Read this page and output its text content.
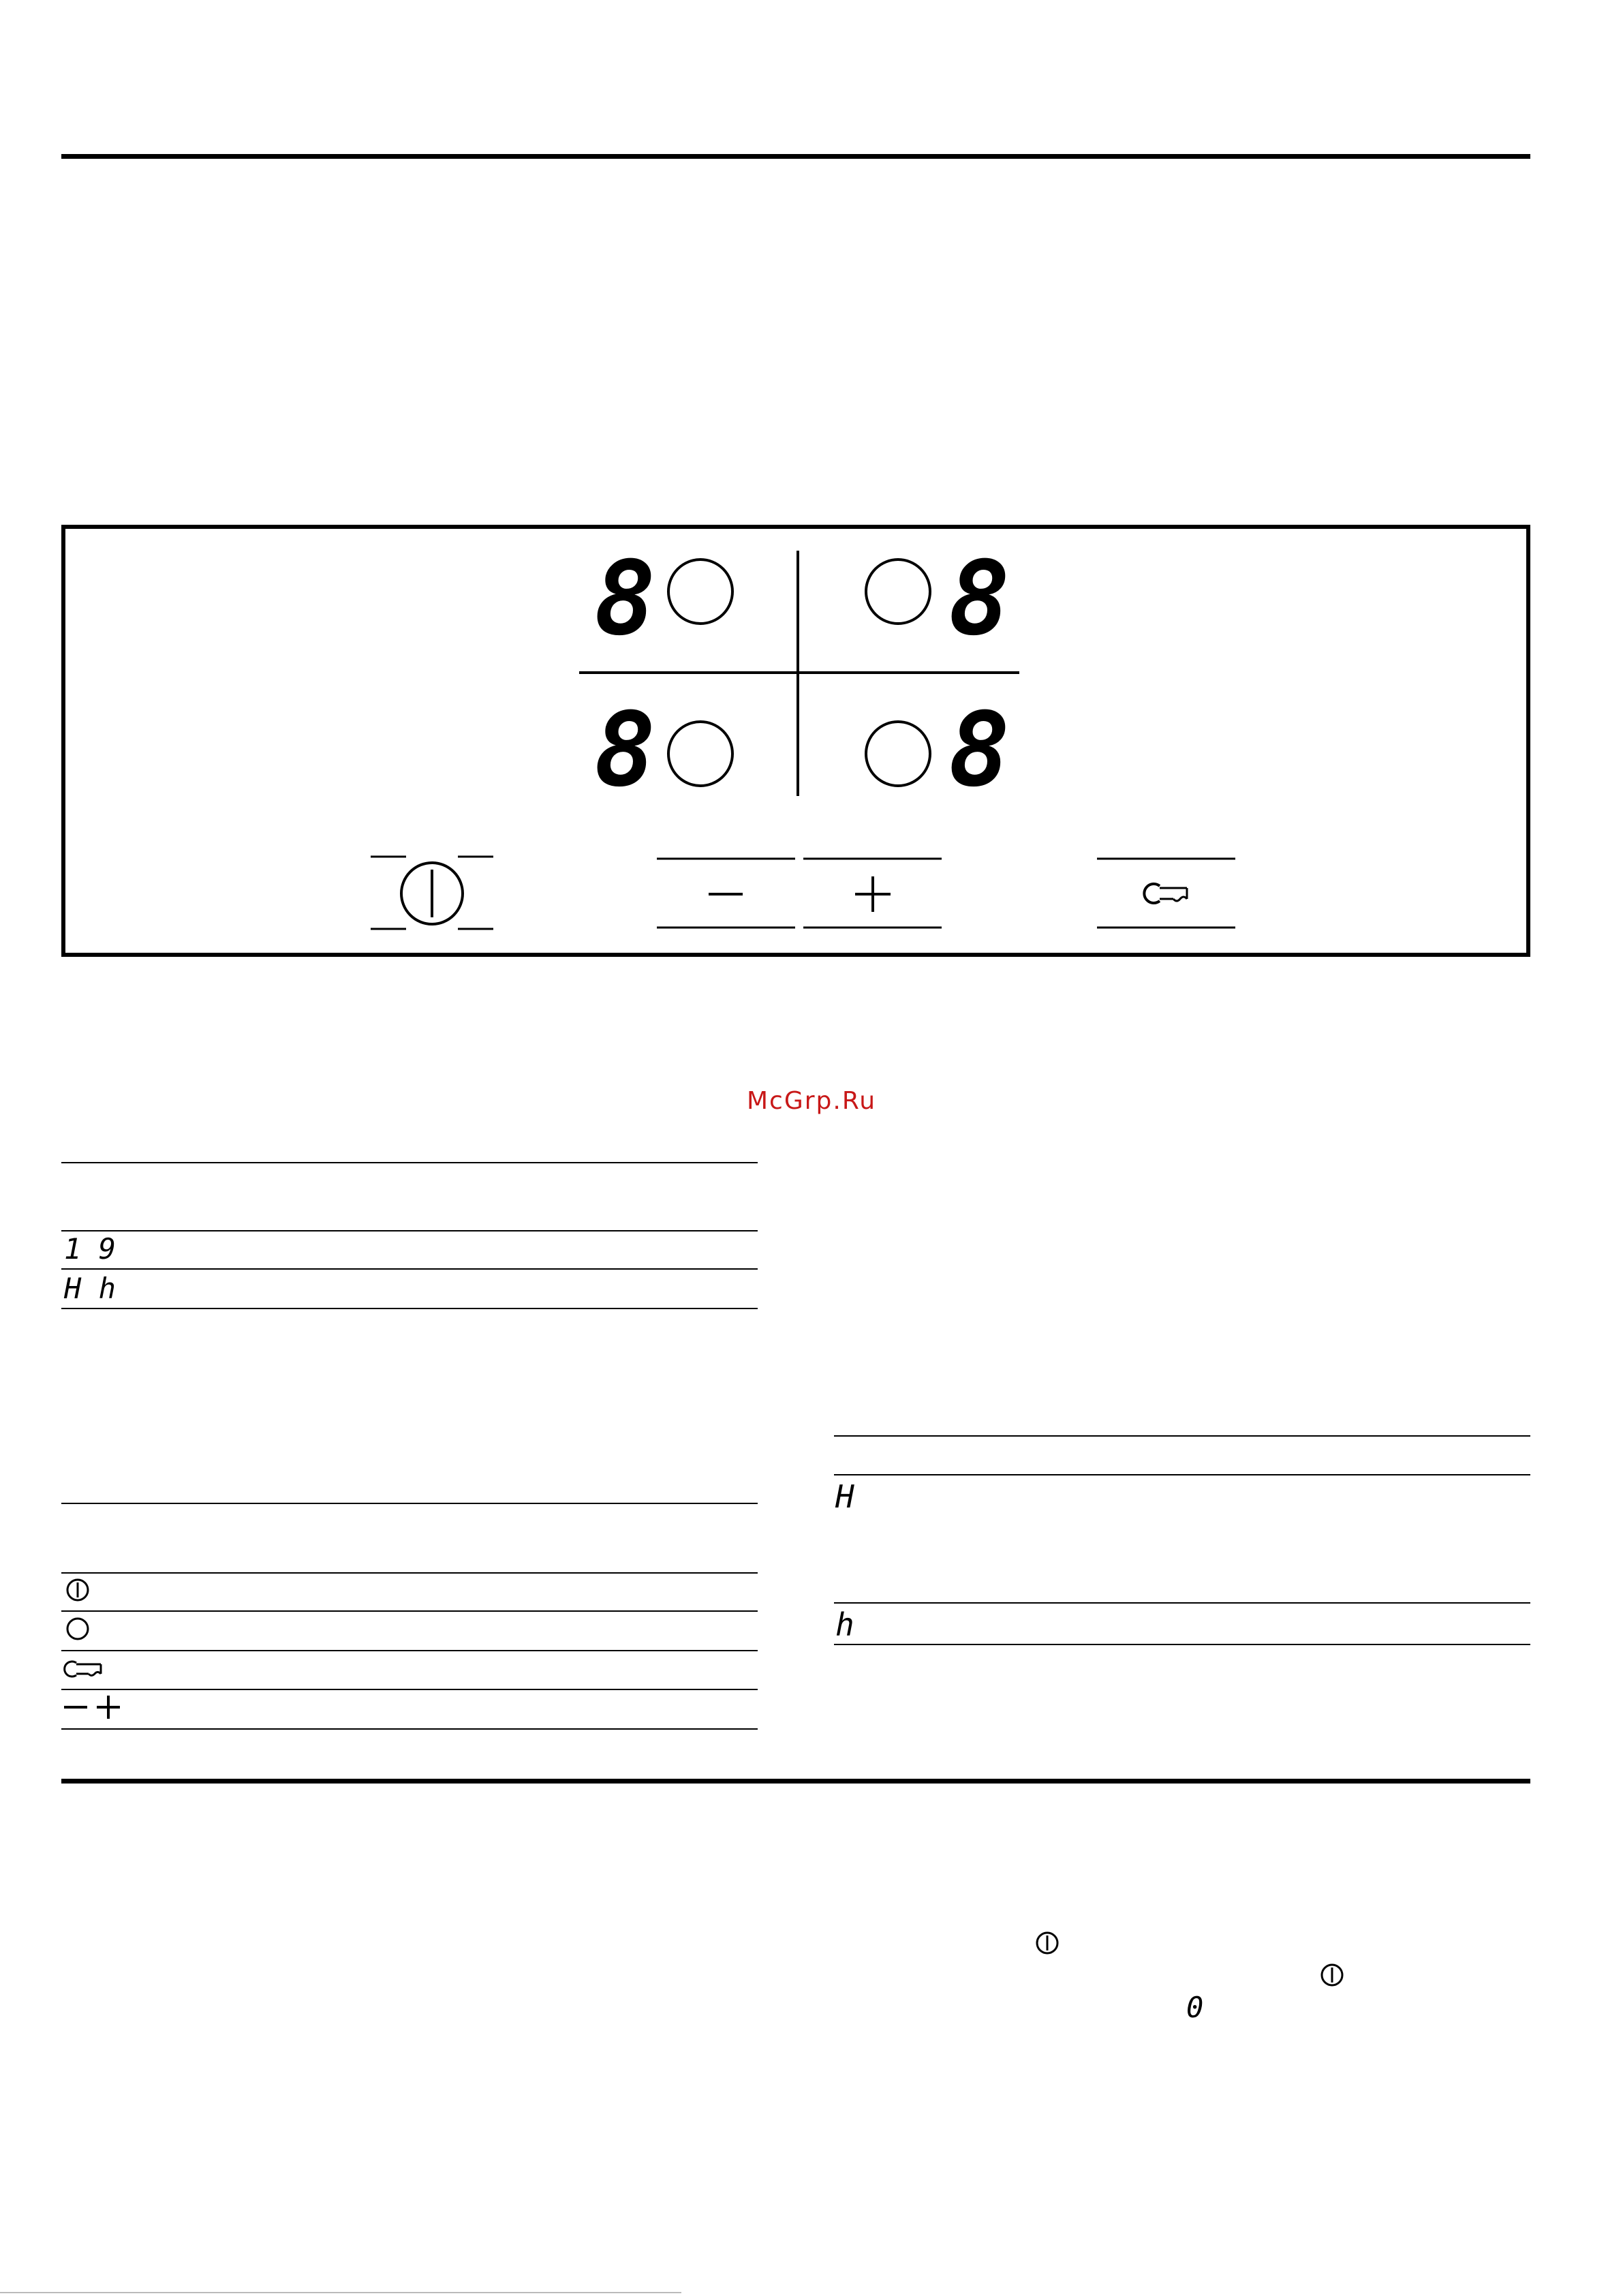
8	8
8	8
1 9
H h
H
h
0
McGrp.Ru
